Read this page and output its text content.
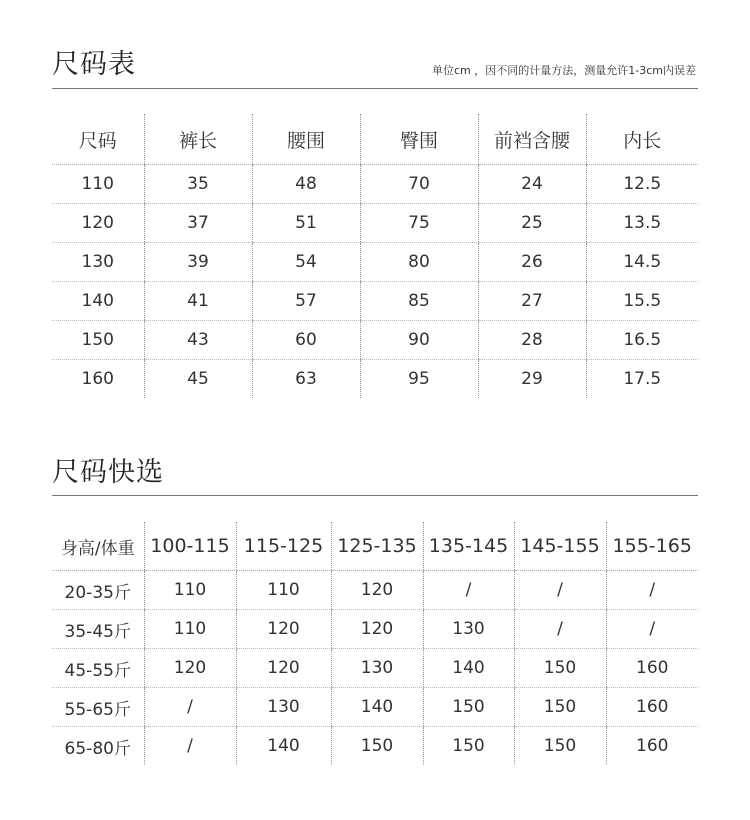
尺码表	单位cm ，因不同的计量方法，测量允许1-3cm内误差
尺码	裤长	腰围	臀围	前裆含腰	内长
110	35	48	70	24	12.5
120	37	51	75	25	13.5
130	39	54	80	26	14.5
140	41	57	85	27	15.5
150	43	60	90	28	16.5
160	45	63	95	29	17.5
尺码快选
身高/体重	100-115	115-125	125-135	135-145	145-155	155-165
20-35斤	110	110	120	/	/	/
35-45斤	110	120	120	130	/	/
45-55斤	120	120	130	140	150	160
55-65斤	/	130	140	150	150	160
65-80斤	/	140	150	150	150	160
